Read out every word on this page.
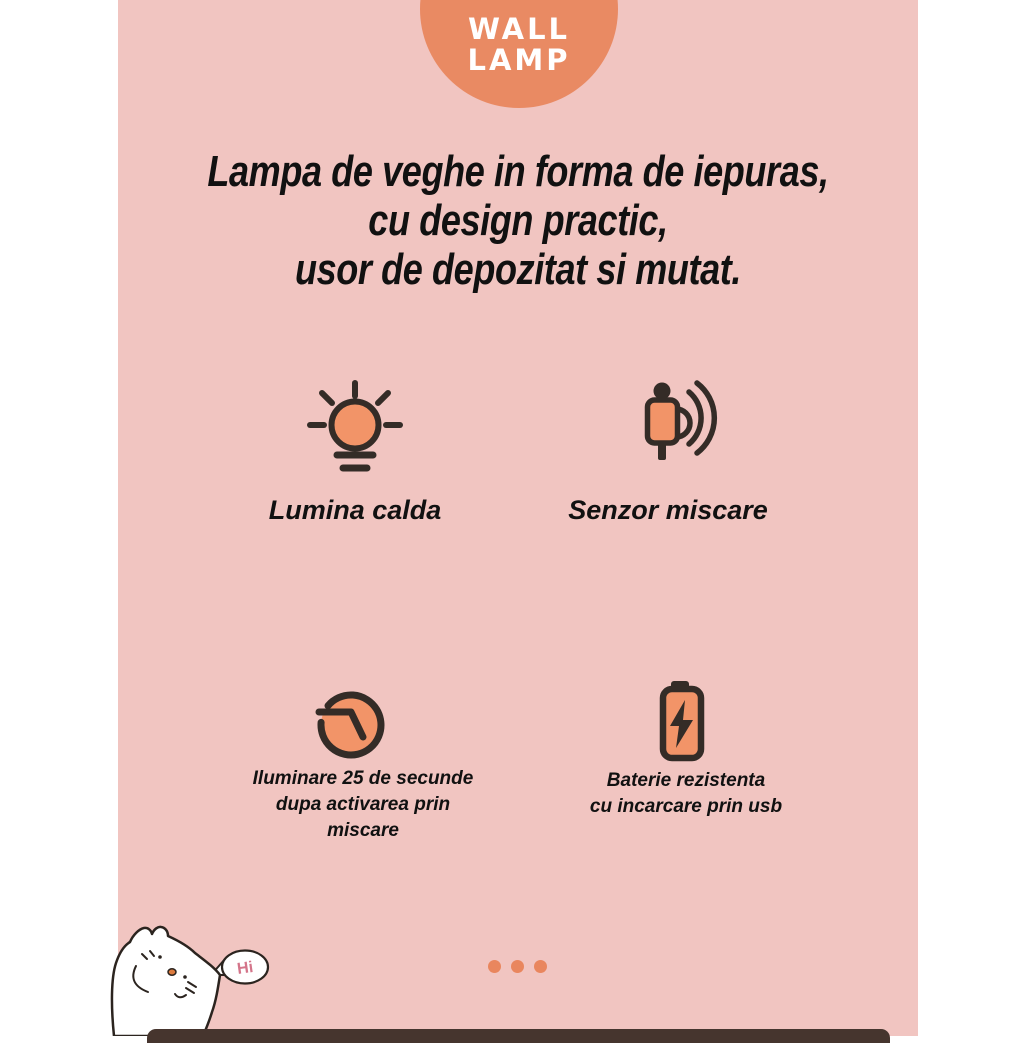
WALL
LAMP
Lampa de veghe in forma de iepuras,
cu design practic,
usor de depozitat si mutat.
Lumina calda	Senzor miscare
Iluminare 25 de secunde
dupa activarea prin miscare
Baterie rezistenta
cu incarcare prin usb
Hi
